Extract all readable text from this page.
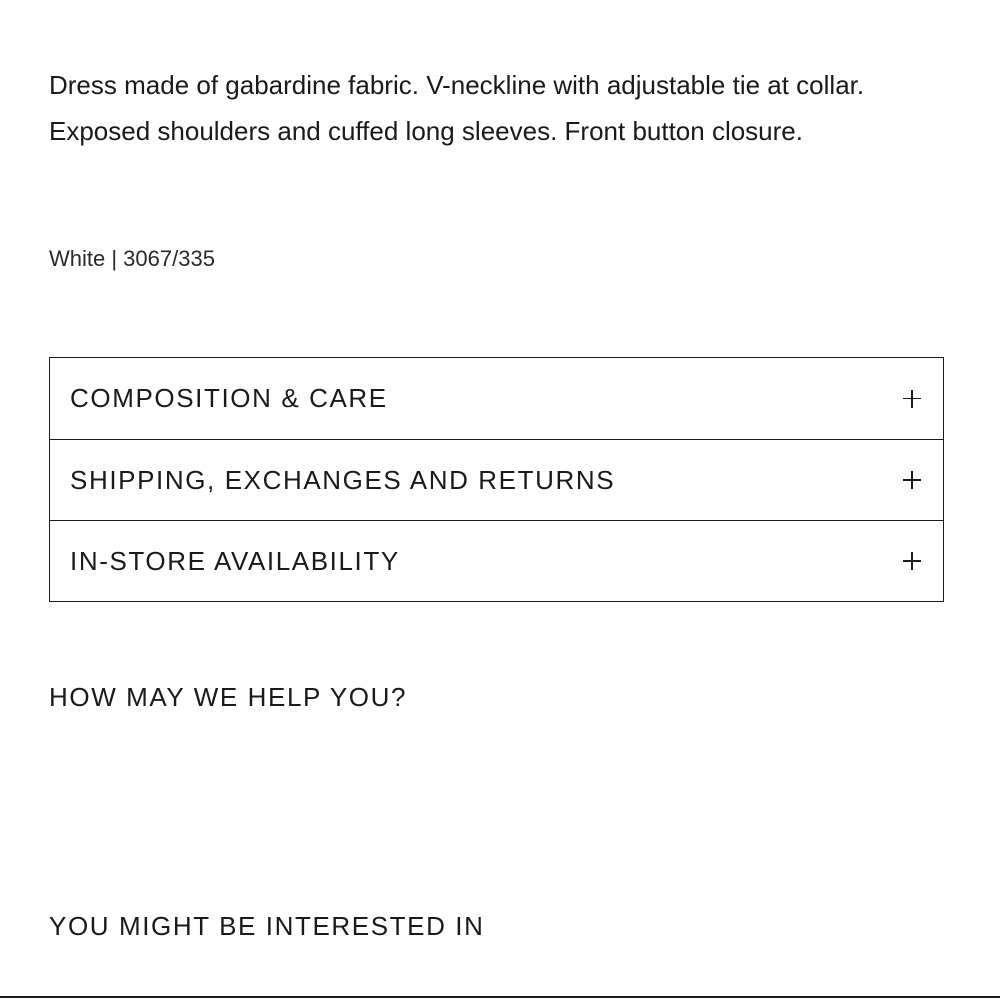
Dress made of gabardine fabric. V-neckline with adjustable tie at collar. Exposed shoulders and cuffed long sleeves. Front button closure.

White | 3067/335

COMPOSITION & CARE
SHIPPING, EXCHANGES AND RETURNS
IN-STORE AVAILABILITY
HOW MAY WE HELP YOU?
YOU MIGHT BE INTERESTED IN
